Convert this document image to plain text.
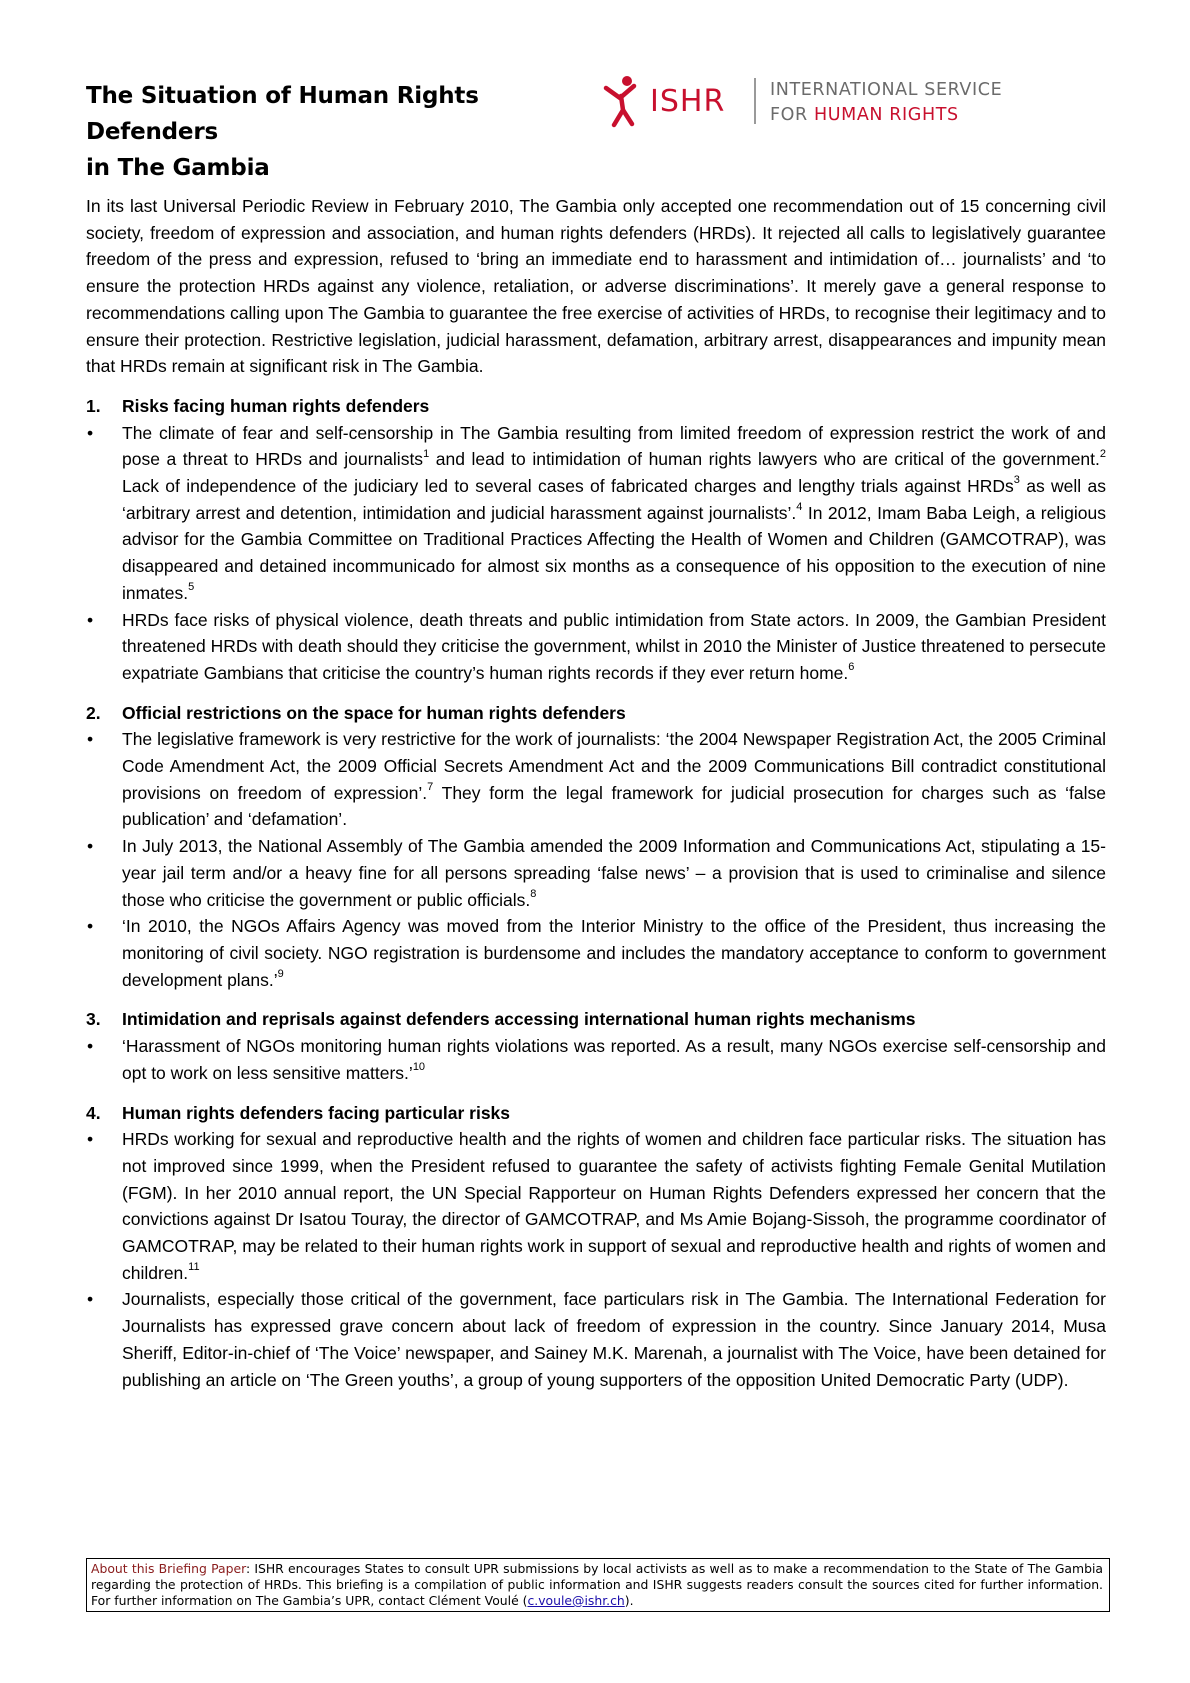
The Situation of Human Rights Defenders
in The Gambia
ISHR	INTERNATIONAL SERVICE
FOR HUMAN RIGHTS

In its last Universal Periodic Review in February 2010, The Gambia only accepted one recommendation out of 15 concerning civil society, freedom of expression and association, and human rights defenders (HRDs). It rejected all calls to legislatively guarantee freedom of the press and expression, refused to ‘bring an immediate end to harassment and intimidation of… journalists’ and ‘to ensure the protection HRDs against any violence, retaliation, or adverse discriminations’. It merely gave a general response to recommendations calling upon The Gambia to guarantee the free exercise of activities of HRDs, to recognise their legitimacy and to ensure their protection. Restrictive legislation, judicial harassment, defamation, arbitrary arrest, disappearances and impunity mean that HRDs remain at significant risk in The Gambia.

1.	Risks facing human rights defenders
• The climate of fear and self-censorship in The Gambia resulting from limited freedom of expression restrict the work of and pose a threat to HRDs and journalists$^1$ and lead to intimidation of human rights lawyers who are critical of the government.$^2$ Lack of independence of the judiciary led to several cases of fabricated charges and lengthy trials against HRDs$^3$ as well as ‘arbitrary arrest and detention, intimidation and judicial harassment against journalists’.$^4$ In 2012, Imam Baba Leigh, a religious advisor for the Gambia Committee on Traditional Practices Affecting the Health of Women and Children (GAMCOTRAP), was disappeared and detained incommunicado for almost six months as a consequence of his opposition to the execution of nine inmates.$^5$
• HRDs face risks of physical violence, death threats and public intimidation from State actors. In 2009, the Gambian President threatened HRDs with death should they criticise the government, whilst in 2010 the Minister of Justice threatened to persecute expatriate Gambians that criticise the country’s human rights records if they ever return home.$^6$
2.	Official restrictions on the space for human rights defenders
• The legislative framework is very restrictive for the work of journalists: ‘the 2004 Newspaper Registration Act, the 2005 Criminal Code Amendment Act, the 2009 Official Secrets Amendment Act and the 2009 Communications Bill contradict constitutional provisions on freedom of expression’.$^7$ They form the legal framework for judicial prosecution for charges such as ‘false publication’ and ‘defamation’.
• In July 2013, the National Assembly of The Gambia amended the 2009 Information and Communications Act, stipulating a 15-year jail term and/or a heavy fine for all persons spreading ‘false news’ – a provision that is used to criminalise and silence those who criticise the government or public officials.$^8$
• ‘In 2010, the NGOs Affairs Agency was moved from the Interior Ministry to the office of the President, thus increasing the monitoring of civil society. NGO registration is burdensome and includes the mandatory acceptance to conform to government development plans.’$^9$
3.	Intimidation and reprisals against defenders accessing international human rights mechanisms
• ‘Harassment of NGOs monitoring human rights violations was reported. As a result, many NGOs exercise self-censorship and opt to work on less sensitive matters.’$^{10}$
4.	Human rights defenders facing particular risks
• HRDs working for sexual and reproductive health and the rights of women and children face particular risks. The situation has not improved since 1999, when the President refused to guarantee the safety of activists fighting Female Genital Mutilation (FGM). In her 2010 annual report, the UN Special Rapporteur on Human Rights Defenders expressed her concern that the convictions against Dr Isatou Touray, the director of GAMCOTRAP, and Ms Amie Bojang-Sissoh, the programme coordinator of GAMCOTRAP, may be related to their human rights work in support of sexual and reproductive health and rights of women and children.$^{11}$
• Journalists, especially those critical of the government, face particulars risk in The Gambia. The International Federation for Journalists has expressed grave concern about lack of freedom of expression in the country. Since January 2014, Musa Sheriff, Editor-in-chief of ‘The Voice’ newspaper, and Sainey M.K. Marenah, a journalist with The Voice, have been detained for publishing an article on ‘The Green youths’, a group of young supporters of the opposition United Democratic Party (UDP).
About this Briefing Paper: ISHR encourages States to consult UPR submissions by local activists as well as to make a recommendation to the State of The Gambia regarding the protection of HRDs. This briefing is a compilation of public information and ISHR suggests readers consult the sources cited for further information. For further information on The Gambia’s UPR, contact Clément Voulé (c.voule@ishr.ch).
